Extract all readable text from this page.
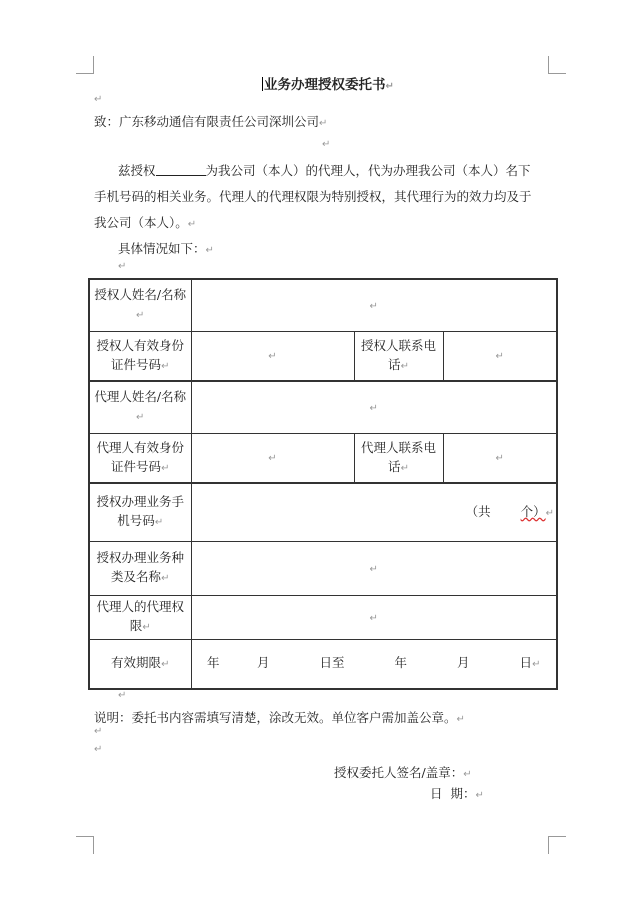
业务办理授权委托书↵
↵
致：广东移动通信有限责任公司深圳公司↵
↵
兹授权	为我公司（本人）的代理人，代为办理我公司（本人）名下
手机号码的相关业务。代理人的代理权限为特别授权，其代理行为的效力均及于
我公司（本人）。↵
具体情况如下：↵
↵
授权人姓名/名称↵	↵		
授权人有效身份证件号码↵	↵	授权人联系电话↵	↵
代理人姓名/名称↵	↵		
代理人有效身份证件号码↵	↵	代理人联系电话↵	↵
授权办理业务手机号码↵	（共 个）↵		
授权办理业务种类及名称↵	↵		
代理人的代理权限↵	↵		
有效期限↵	年　　　月　　　　日至　　　　年　　　　月　　　　日↵		
↵
说明：委托书内容需填写清楚，涂改无效。单位客户需加盖公章。↵
↵
↵
授权委托人签名/盖章：↵
日  期：↵
